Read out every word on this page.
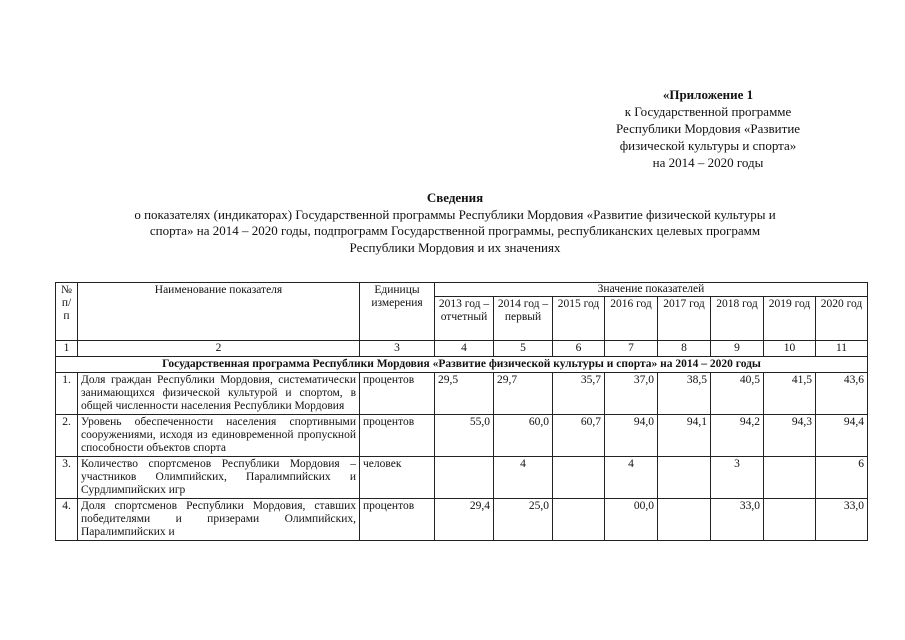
«Приложение 1
к Государственной программе
Республики Мордовия «Развитие
физической культуры и спорта»
на 2014 – 2020 годы
Сведения
о показателях (индикаторах) Государственной программы Республики Мордовия «Развитие физической культуры и
спорта» на 2014 – 2020 годы, подпрограмм Государственной программы, республиканских целевых программ
Республики Мордовия и их значениях
№ п/п	Наименование показателя	Единицы измерения	Значение показателей							
			2013 год – отчетный	2014 год – первый	2015 год	2016 год	2017 год	2018 год	2019 год	2020 год
1	2	3	4	5	6	7	8	9	10	11
Государственная программа Республики Мордовия «Развитие физической культуры и спорта» на 2014 – 2020 годы										
1.	Доля граждан Республики Мордовия, систематически занимающихся физической культурой и спортом, в общей численности населения Республики Мордовия	процентов	29,5	29,7	35,7	37,0	38,5	40,5	41,5	43,6
2.	Уровень обеспеченности населения спортивными сооружениями, исходя из единовременной пропускной способности объектов спорта	процентов	55,0	60,0	60,7	94,0	94,1	94,2	94,3	94,4
3.	Количество спортсменов Республики Мордовия – участников Олимпийских, Паралимпийских и Сурдлимпийских игр	человек		4		4		3		6
4.	Доля спортсменов Республики Мордовия, ставших победителями и призерами Олимпийских, Паралимпийских и	процентов	29,4	25,0		00,0		33,0		33,0
